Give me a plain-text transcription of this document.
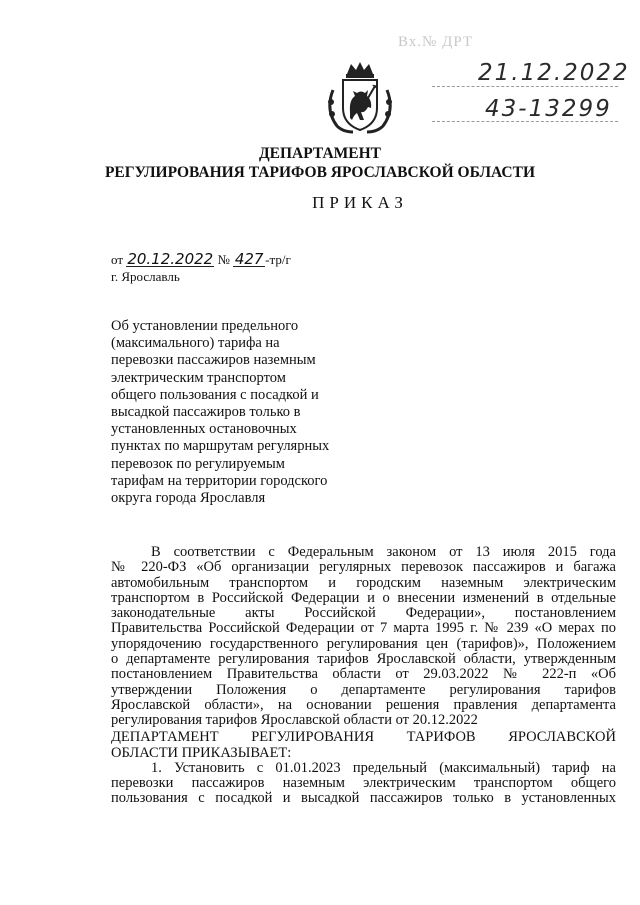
Вх.№ ДРТ
21.12.2022
43-13299
ДЕПАРТАМЕНТ
РЕГУЛИРОВАНИЯ ТАРИФОВ ЯРОСЛАВСКОЙ ОБЛАСТИ
ПРИКАЗ
от 20.12.2022 № 427 -тр/г
г. Ярославль
Об установлении предельного
(максимального) тарифа на
перевозки пассажиров наземным
электрическим транспортом
общего пользования с посадкой и
высадкой пассажиров только в
установленных остановочных
пунктах по маршрутам регулярных
перевозок по регулируемым
тарифам на территории городского
округа города Ярославля
В соответствии с Федеральным законом от 13 июля 2015 года
№ 220-ФЗ «Об организации регулярных перевозок пассажиров и багажа
автомобильным транспортом и городским наземным электрическим
транспортом в Российской Федерации и о внесении изменений в отдельные
законодательные акты Российской Федерации», постановлением
Правительства Российской Федерации от 7 марта 1995 г. № 239 «О мерах по
упорядочению государственного регулирования цен (тарифов)», Положением
о департаменте регулирования тарифов Ярославской области, утвержденным
постановлением Правительства области от 29.03.2022 № 222-п «Об
утверждении Положения о департаменте регулирования тарифов
Ярославской области», на основании решения правления департамента
регулирования тарифов Ярославской области от 20.12.2022
ДЕПАРТАМЕНТ РЕГУЛИРОВАНИЯ ТАРИФОВ ЯРОСЛАВСКОЙ
ОБЛАСТИ ПРИКАЗЫВАЕТ:
1. Установить с 01.01.2023 предельный (максимальный) тариф на
перевозки пассажиров наземным электрическим транспортом общего
пользования с посадкой и высадкой пассажиров только в установленных
